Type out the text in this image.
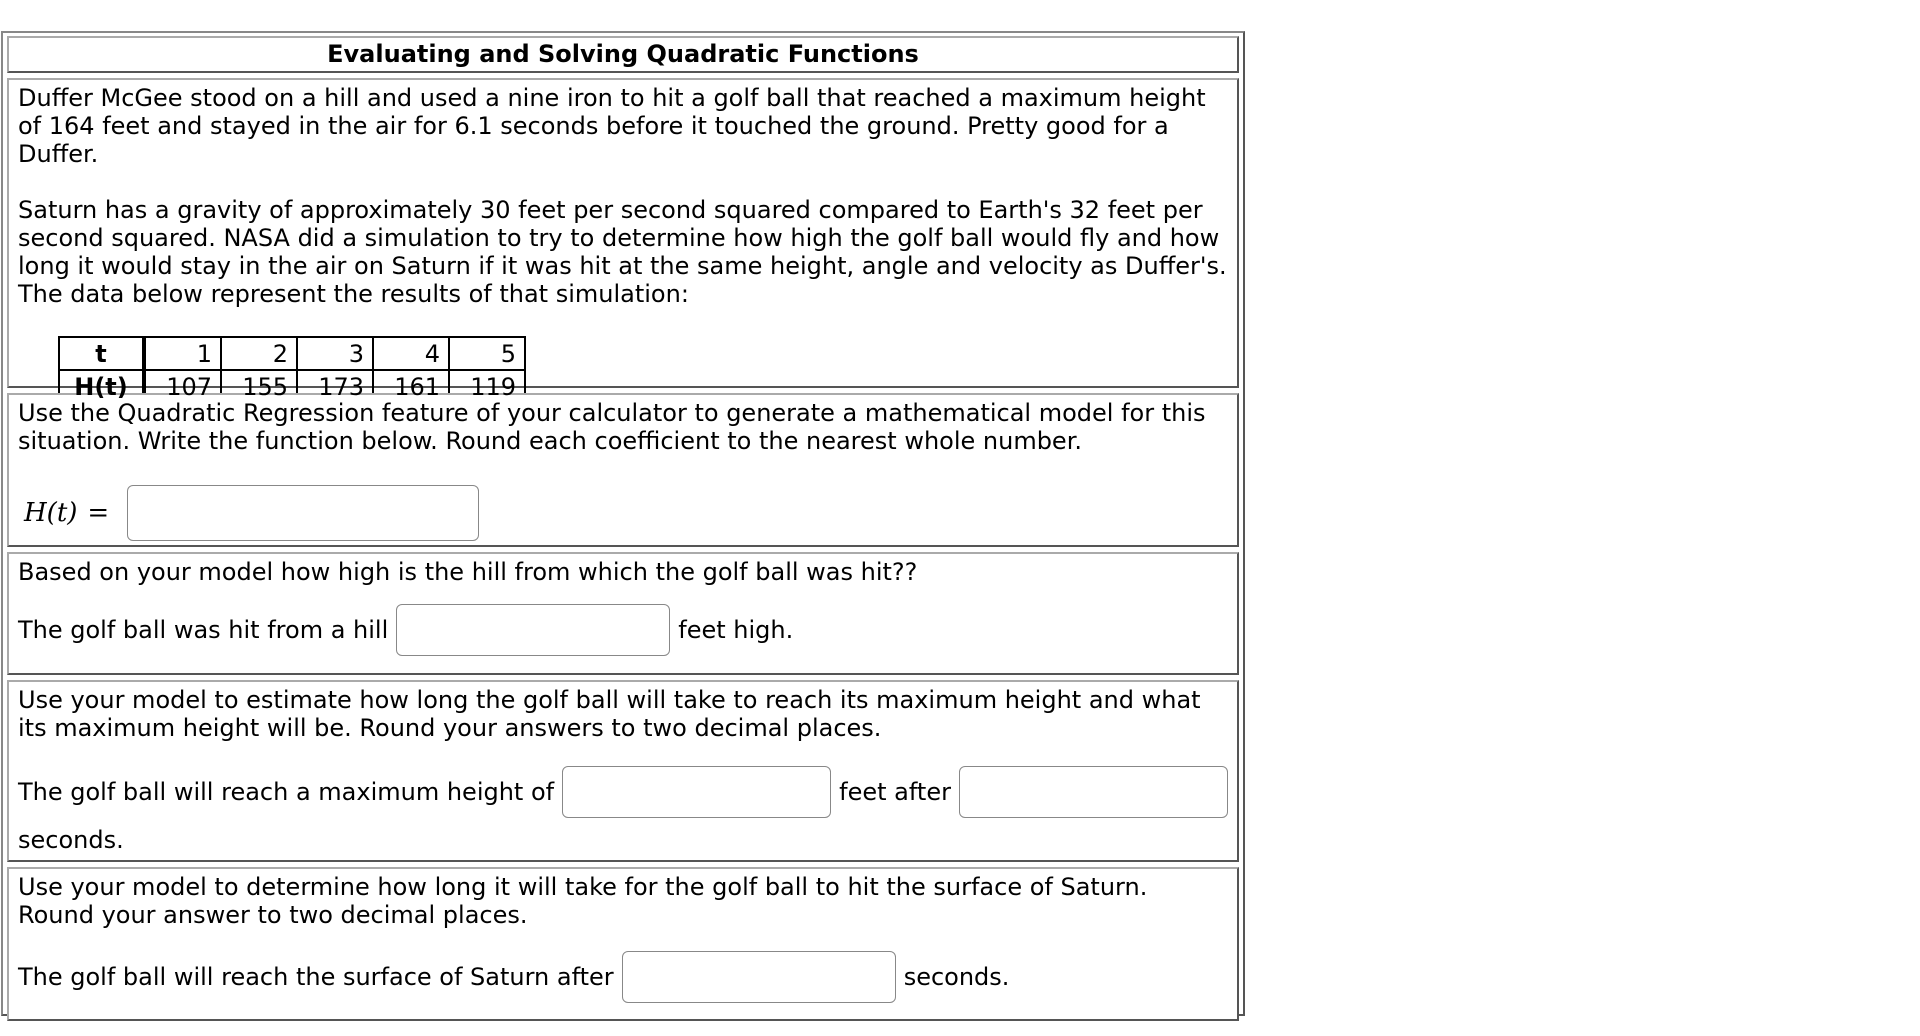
Evaluating and Solving Quadratic Functions

Duffer McGee stood on a hill and used a nine iron to hit a golf ball that reached a maximum height of 164 feet and stayed in the air for 6.1 seconds before it touched the ground. Pretty good for a Duffer.

Saturn has a gravity of approximately 30 feet per second squared compared to Earth's 32 feet per second squared. NASA did a simulation to try to determine how high the golf ball would fly and how long it would stay in the air on Saturn if it was hit at the same height, angle and velocity as Duffer's. The data below represent the results of that simulation:

t	1	2	3	4	5
H(t)	107	155	173	161	119

Use the Quadratic Regression feature of your calculator to generate a mathematical model for this situation. Write the function below. Round each coefficient to the nearest whole number.

H(t) =

Based on your model how high is the hill from which the golf ball was hit??

The golf ball was hit from a hill	feet high.

Use your model to estimate how long the golf ball will take to reach its maximum height and what its maximum height will be. Round your answers to two decimal places.

The golf ball will reach a maximum height of	feet after

seconds.

Use your model to determine how long it will take for the golf ball to hit the surface of Saturn. Round your answer to two decimal places.

The golf ball will reach the surface of Saturn after	seconds.
